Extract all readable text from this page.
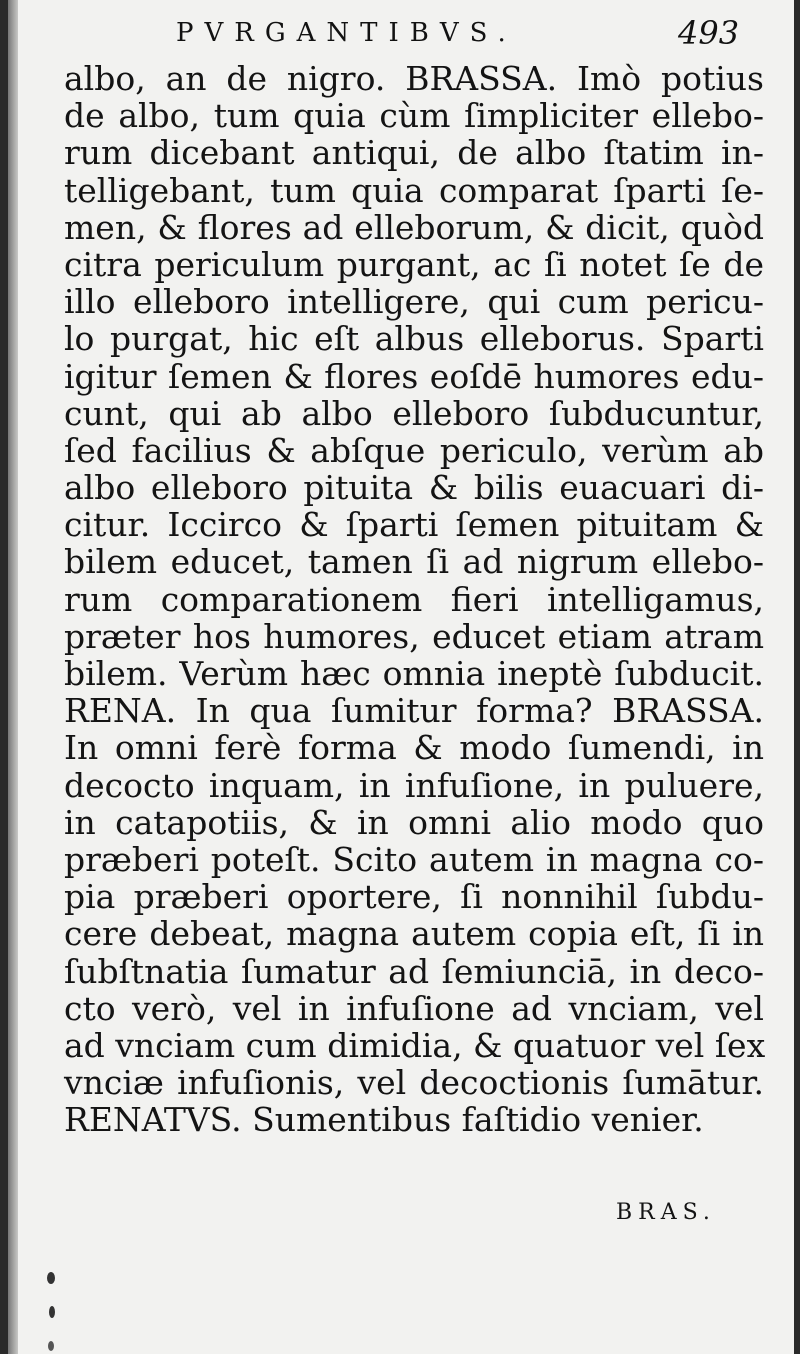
PVRGANTIBVS.	493
albo, an de nigro. BRASSA. Imò potius
de albo, tum quia cùm ſimpliciter ellebo-
rum dicebant antiqui, de albo ſtatim in-
telligebant, tum quia comparat ſparti ſe-
men, & flores ad elleborum, & dicit, quòd
citra periculum purgant, ac ſi notet ſe de
illo elleboro intelligere, qui cum pericu-
lo purgat, hic eſt albus elleborus. Sparti
igitur ſemen & flores eoſdē humores edu-
cunt, qui ab albo elleboro ſubducuntur,
ſed facilius & abſque periculo, verùm ab
albo elleboro pituita & bilis euacuari di-
citur. Iccirco & ſparti ſemen pituitam &
bilem educet, tamen ſi ad nigrum ellebo-
rum comparationem fieri intelligamus,
præter hos humores, educet etiam atram
bilem. Verùm hæc omnia ineptè ſubducit.
RENA. In qua ſumitur forma? BRASSA.
In omni ferè forma & modo ſumendi, in
decocto inquam, in infuſione, in puluere,
in catapotiis, & in omni alio modo quo
præberi poteſt. Scito autem in magna co-
pia præberi oportere, ſi nonnihil ſubdu-
cere debeat, magna autem copia eſt, ſi in
ſubſtnatia ſumatur ad ſemiunciā, in deco-
cto verò, vel in infuſione ad vnciam, vel
ad vnciam cum dimidia, & quatuor vel ſex
vnciæ infuſionis, vel decoctionis ſumātur.
RENATVS. Sumentibus faſtidio venier.
BRAS.
